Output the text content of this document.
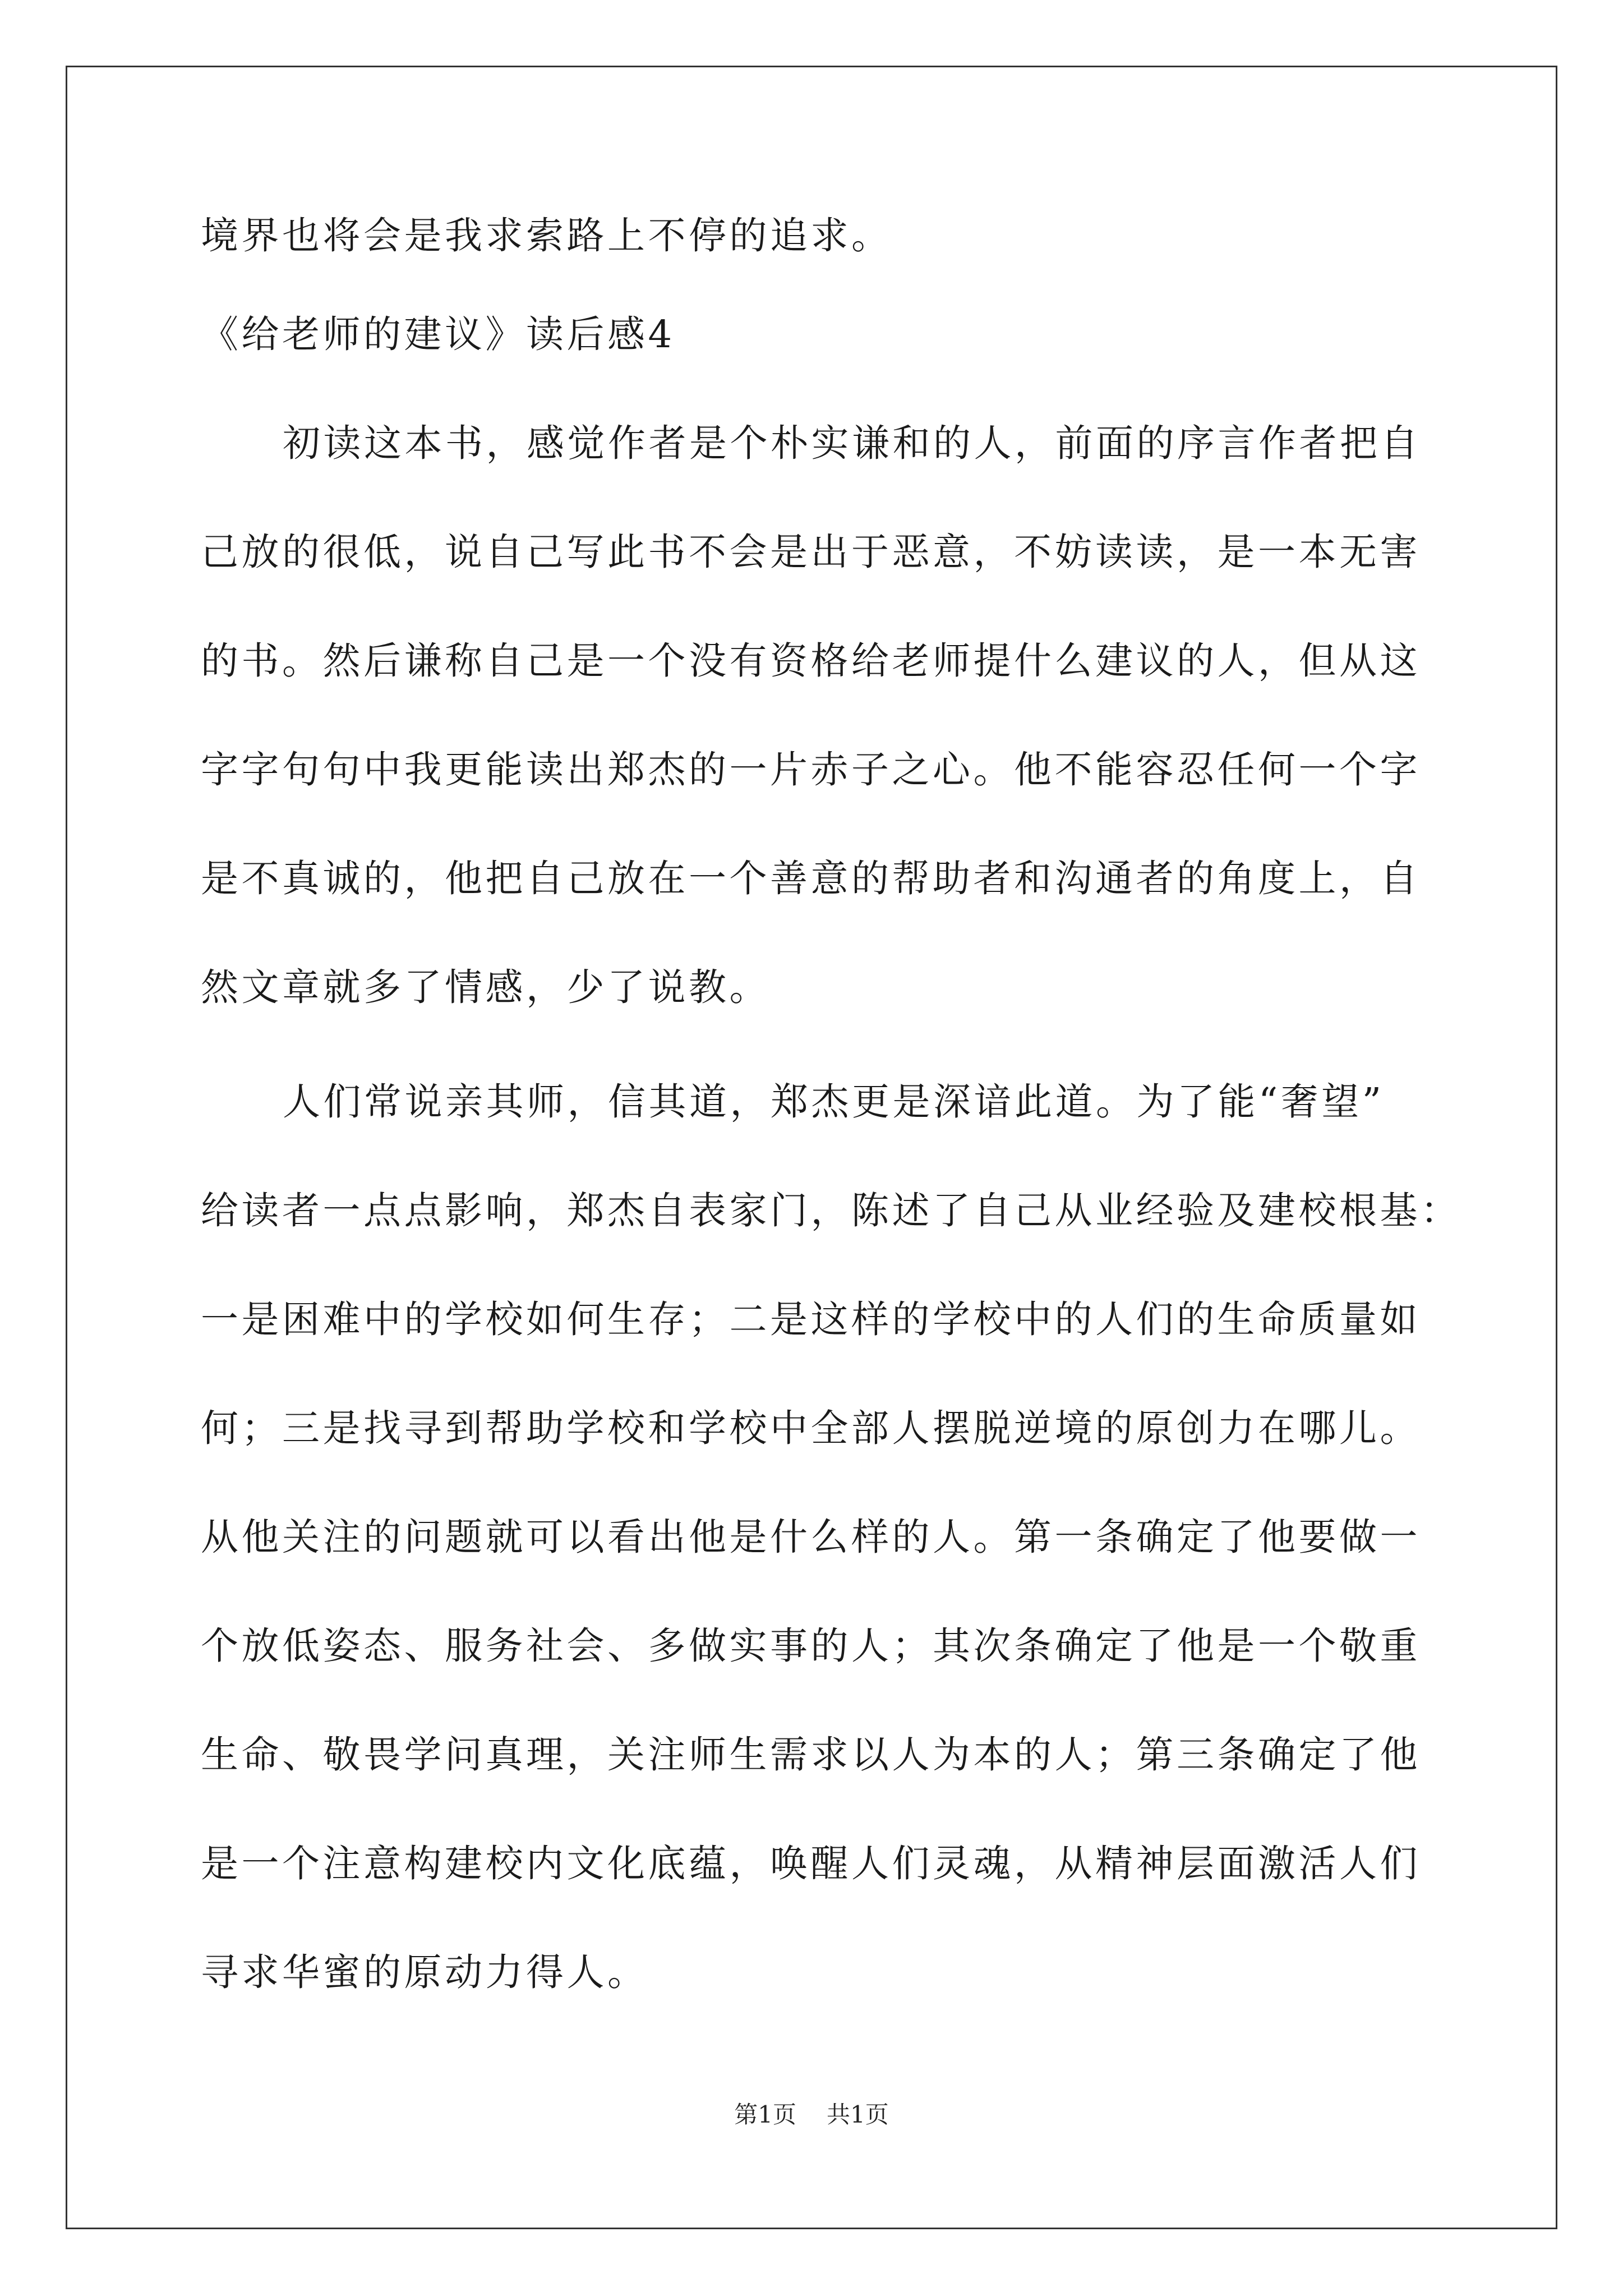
境界也将会是我求索路上不停的追求。

《给老师的建议》读后感4

初读这本书，感觉作者是个朴实谦和的人，前面的序言作者把自

己放的很低，说自己写此书不会是出于恶意，不妨读读，是一本无害

的书。然后谦称自己是一个没有资格给老师提什么建议的人，但从这

字字句句中我更能读出郑杰的一片赤子之心。他不能容忍任何一个字

是不真诚的，他把自己放在一个善意的帮助者和沟通者的角度上，自

然文章就多了情感，少了说教。

人们常说亲其师，信其道，郑杰更是深谙此道。为了能“奢望”

给读者一点点影响，郑杰自表家门，陈述了自己从业经验及建校根基：

一是困难中的学校如何生存；二是这样的学校中的人们的生命质量如

何；三是找寻到帮助学校和学校中全部人摆脱逆境的原创力在哪儿。

从他关注的问题就可以看出他是什么样的人。第一条确定了他要做一

个放低姿态、服务社会、多做实事的人；其次条确定了他是一个敬重

生命、敬畏学问真理，关注师生需求以人为本的人；第三条确定了他

是一个注意构建校内文化底蕴，唤醒人们灵魂，从精神层面激活人们

寻求华蜜的原动力得人。

第1页 共1页
